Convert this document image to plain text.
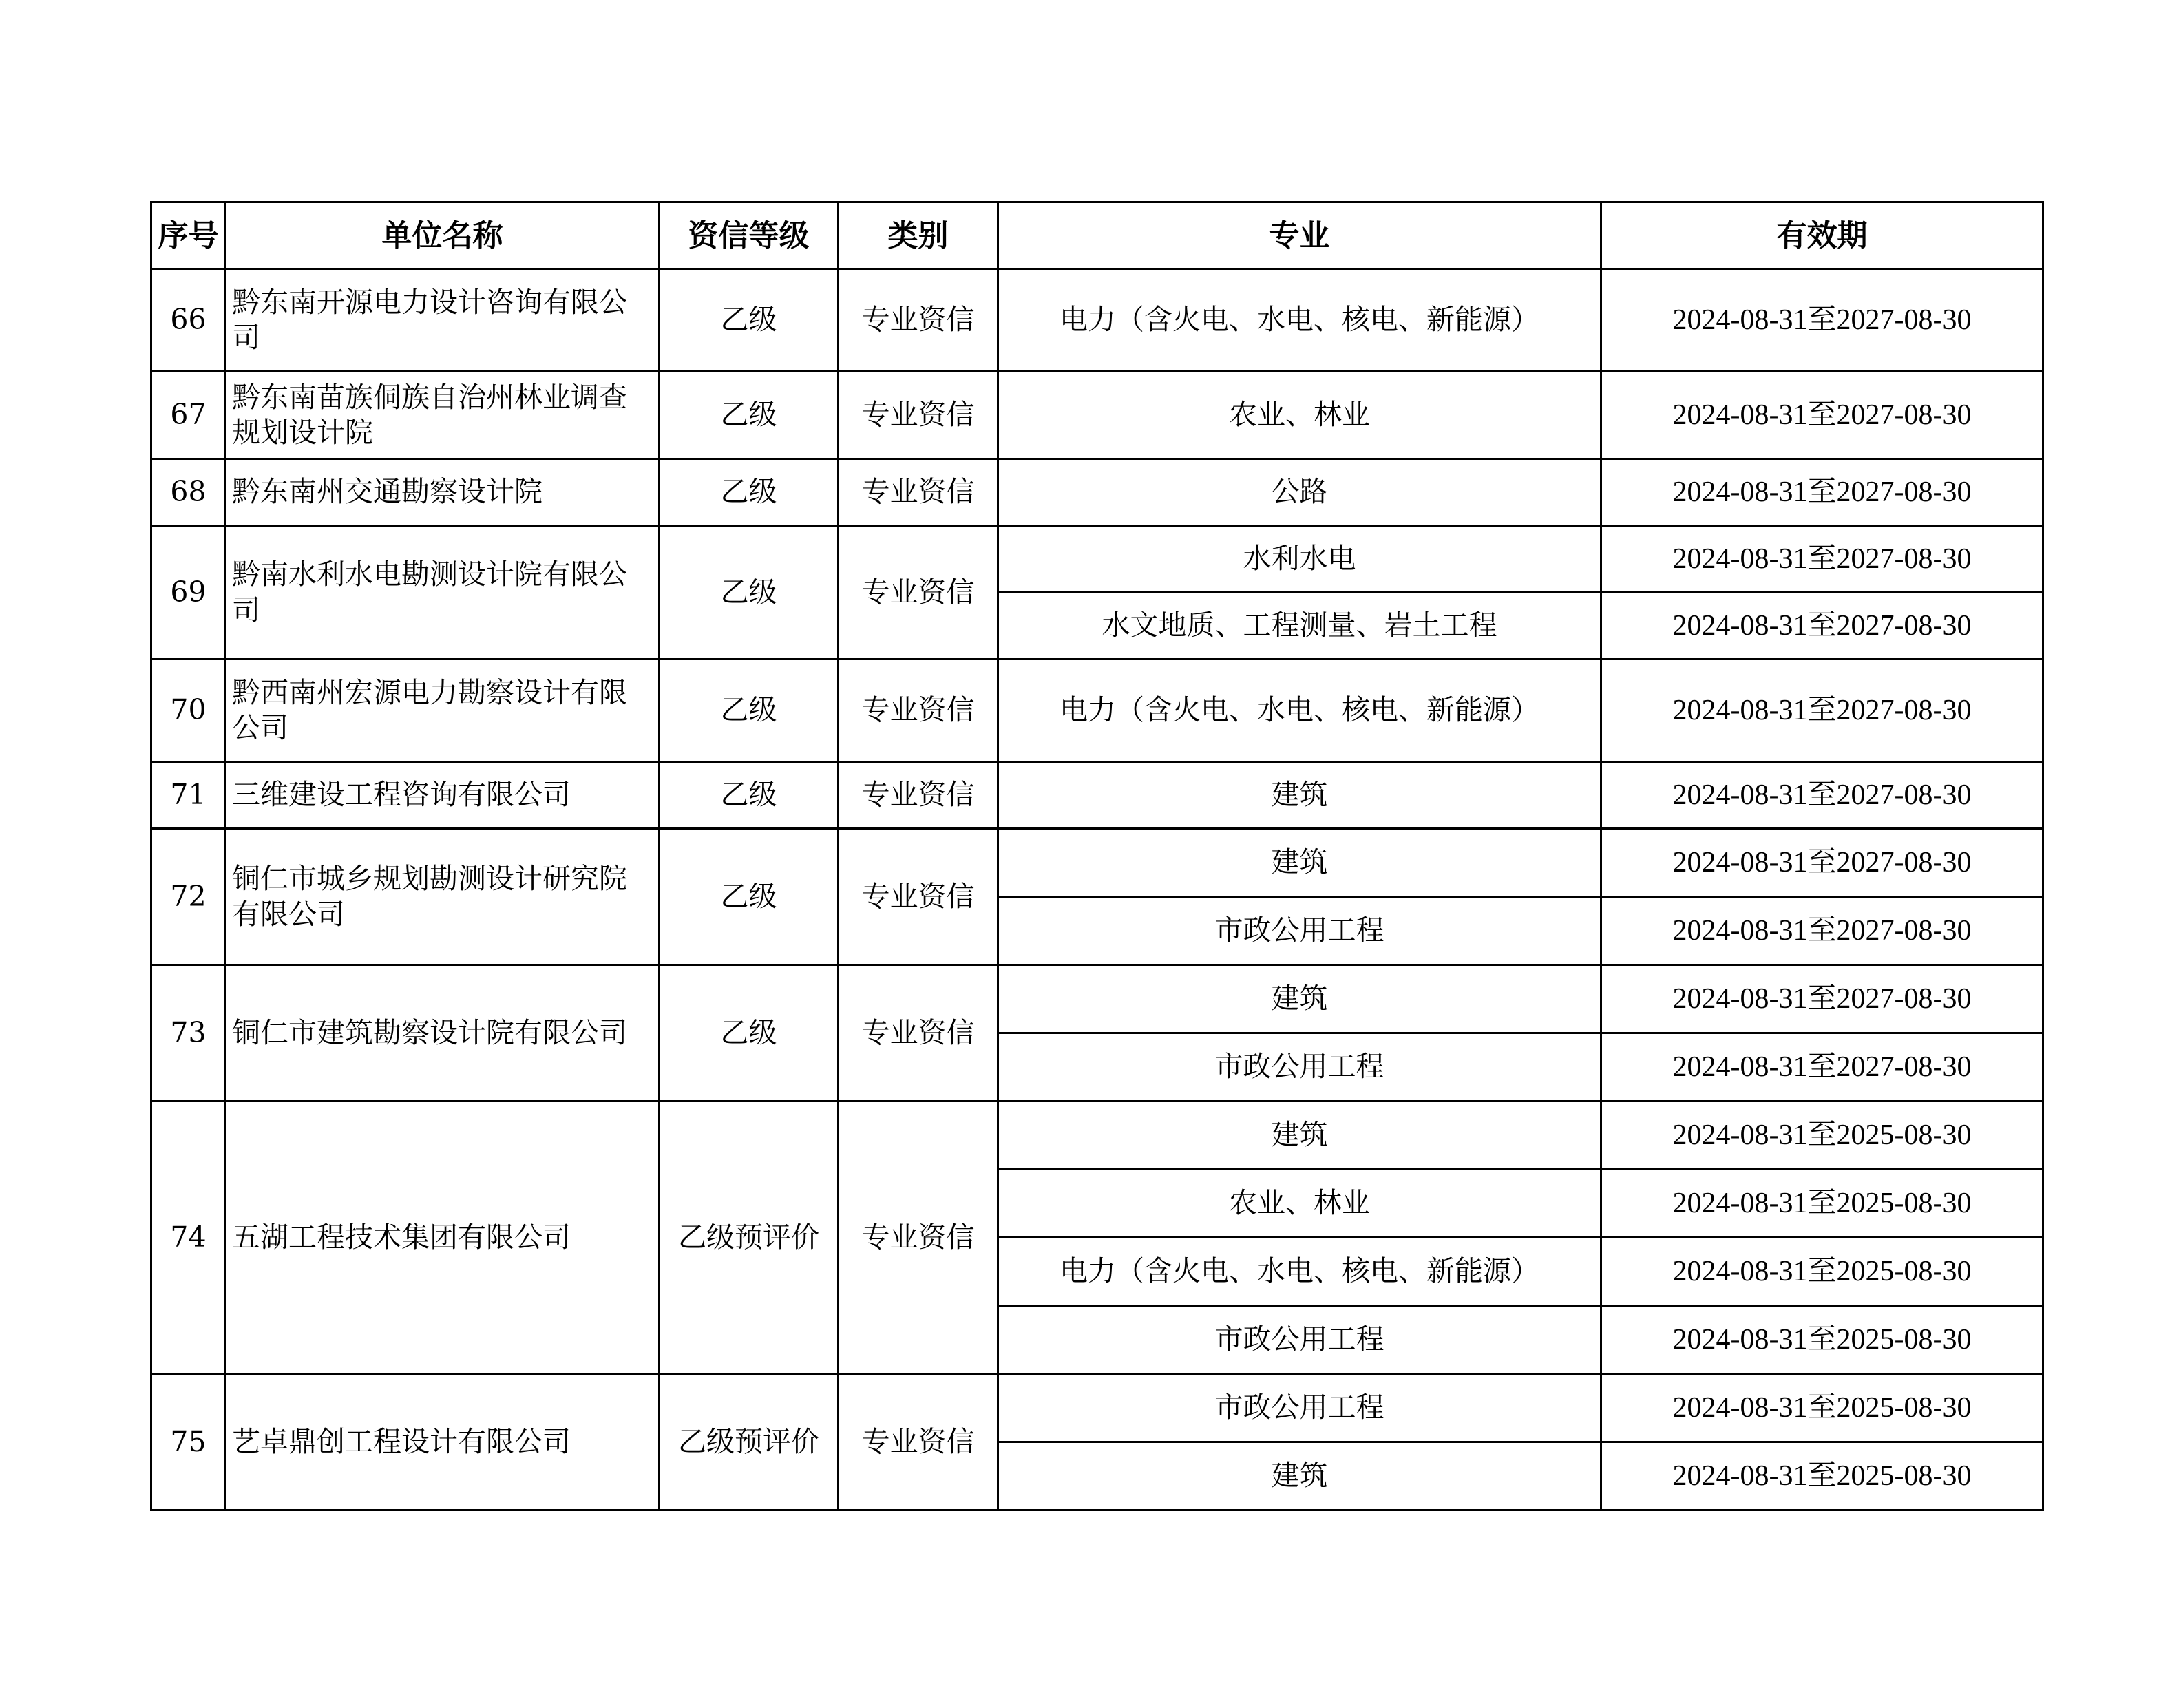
序号	单位名称	资信等级	类别	专业	有效期
66	黔东南开源电力设计咨询有限公司	乙级	专业资信	电力（含火电、水电、核电、新能源）	2024-08-31至2027-08-30
67	黔东南苗族侗族自治州林业调查规划设计院	乙级	专业资信	农业、林业	2024-08-31至2027-08-30
68	黔东南州交通勘察设计院	乙级	专业资信	公路	2024-08-31至2027-08-30
69	黔南水利水电勘测设计院有限公司	乙级	专业资信	水利水电	2024-08-31至2027-08-30
				水文地质、工程测量、岩土工程	2024-08-31至2027-08-30
70	黔西南州宏源电力勘察设计有限公司	乙级	专业资信	电力（含火电、水电、核电、新能源）	2024-08-31至2027-08-30
71	三维建设工程咨询有限公司	乙级	专业资信	建筑	2024-08-31至2027-08-30
72	铜仁市城乡规划勘测设计研究院有限公司	乙级	专业资信	建筑	2024-08-31至2027-08-30
				市政公用工程	2024-08-31至2027-08-30
73	铜仁市建筑勘察设计院有限公司	乙级	专业资信	建筑	2024-08-31至2027-08-30
				市政公用工程	2024-08-31至2027-08-30
74	五湖工程技术集团有限公司	乙级预评价	专业资信	建筑	2024-08-31至2025-08-30
				农业、林业	2024-08-31至2025-08-30
				电力（含火电、水电、核电、新能源）	2024-08-31至2025-08-30
				市政公用工程	2024-08-31至2025-08-30
75	艺卓鼎创工程设计有限公司	乙级预评价	专业资信	市政公用工程	2024-08-31至2025-08-30
				建筑	2024-08-31至2025-08-30
